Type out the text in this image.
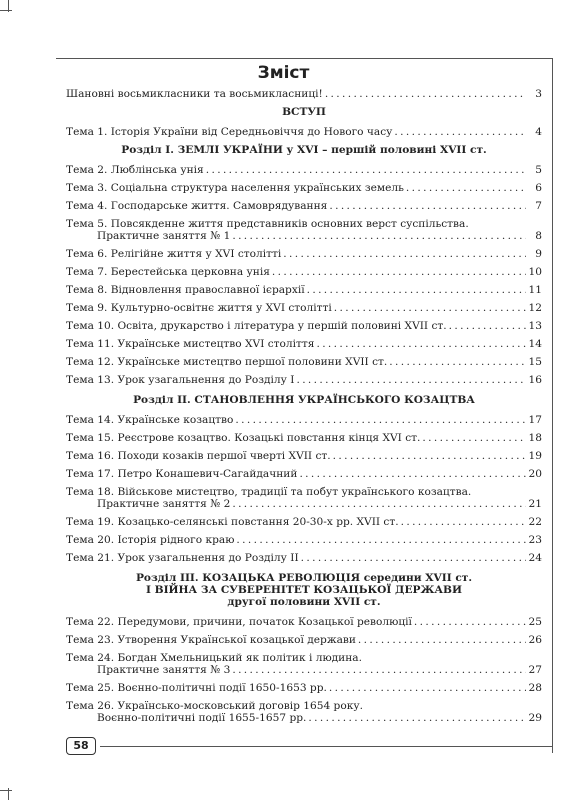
Зміст
Шановні восьмикласники та восьмикласниці! . . .	3
ВСТУП
Тема 1. Історія України від Середньовіччя до Нового часу . . .	4
Розділ I. ЗЕМЛІ УКРАЇНИ у XVI – першій половині XVII ст.
Тема 2. Люблінська унія . . .	5
Тема 3. Соціальна структура населення українських земель . . .	6
Тема 4. Господарське життя. Самоврядування . . .	7
Тема 5. Повсякденне життя представників основних верст суспільства.
Практичне заняття № 1 . . .	8
Тема 6. Релігійне життя у XVI столітті . . .	9
Тема 7. Берестейська церковна унія . . .	10
Тема 8. Відновлення православної ієрархії . . .	11
Тема 9. Культурно-освітнє життя у XVI столітті . . .	12
Тема 10. Освіта, друкарство і література у першій половині XVII ст. . . .	13
Тема 11. Українське мистецтво XVI століття . . .	14
Тема 12. Українське мистецтво першої половини XVII ст. . . .	15
Тема 13. Урок узагальнення до Розділу I . . .	16
Розділ II. СТАНОВЛЕННЯ УКРАЇНСЬКОГО КОЗАЦТВА
Тема 14. Українське козацтво . . .	17
Тема 15. Реєстрове козацтво. Козацькі повстання кінця XVI ст. . . .	18
Тема 16. Походи козаків першої чверті XVII ст. . . .	19
Тема 17. Петро Конашевич-Сагайдачний . . .	20
Тема 18. Військове мистецтво, традиції та побут українського козацтва.
Практичне заняття № 2 . . .	21
Тема 19. Козацько-селянські повстання 20-30-х рр. XVII ст. . . .	22
Тема 20. Історія рідного краю . . .	23
Тема 21. Урок узагальнення до Розділу II . . .	24
Розділ III. КОЗАЦЬКА РЕВОЛЮЦІЯ середини XVII ст.
І ВІЙНА ЗА СУВЕРЕНІТЕТ КОЗАЦЬКОЇ ДЕРЖАВИ
другої половини XVII ст.
Тема 22. Передумови, причини, початок Козацької революції . . .	25
Тема 23. Утворення Української козацької держави . . .	26
Тема 24. Богдан Хмельницький як політик і людина.
Практичне заняття № 3 . . .	27
Тема 25. Воєнно-політичні події 1650-1653 рр. . . .	28
Тема 26. Українсько-московський договір 1654 року.
Воєнно-політичні події 1655-1657 рр. . . .	29
58
